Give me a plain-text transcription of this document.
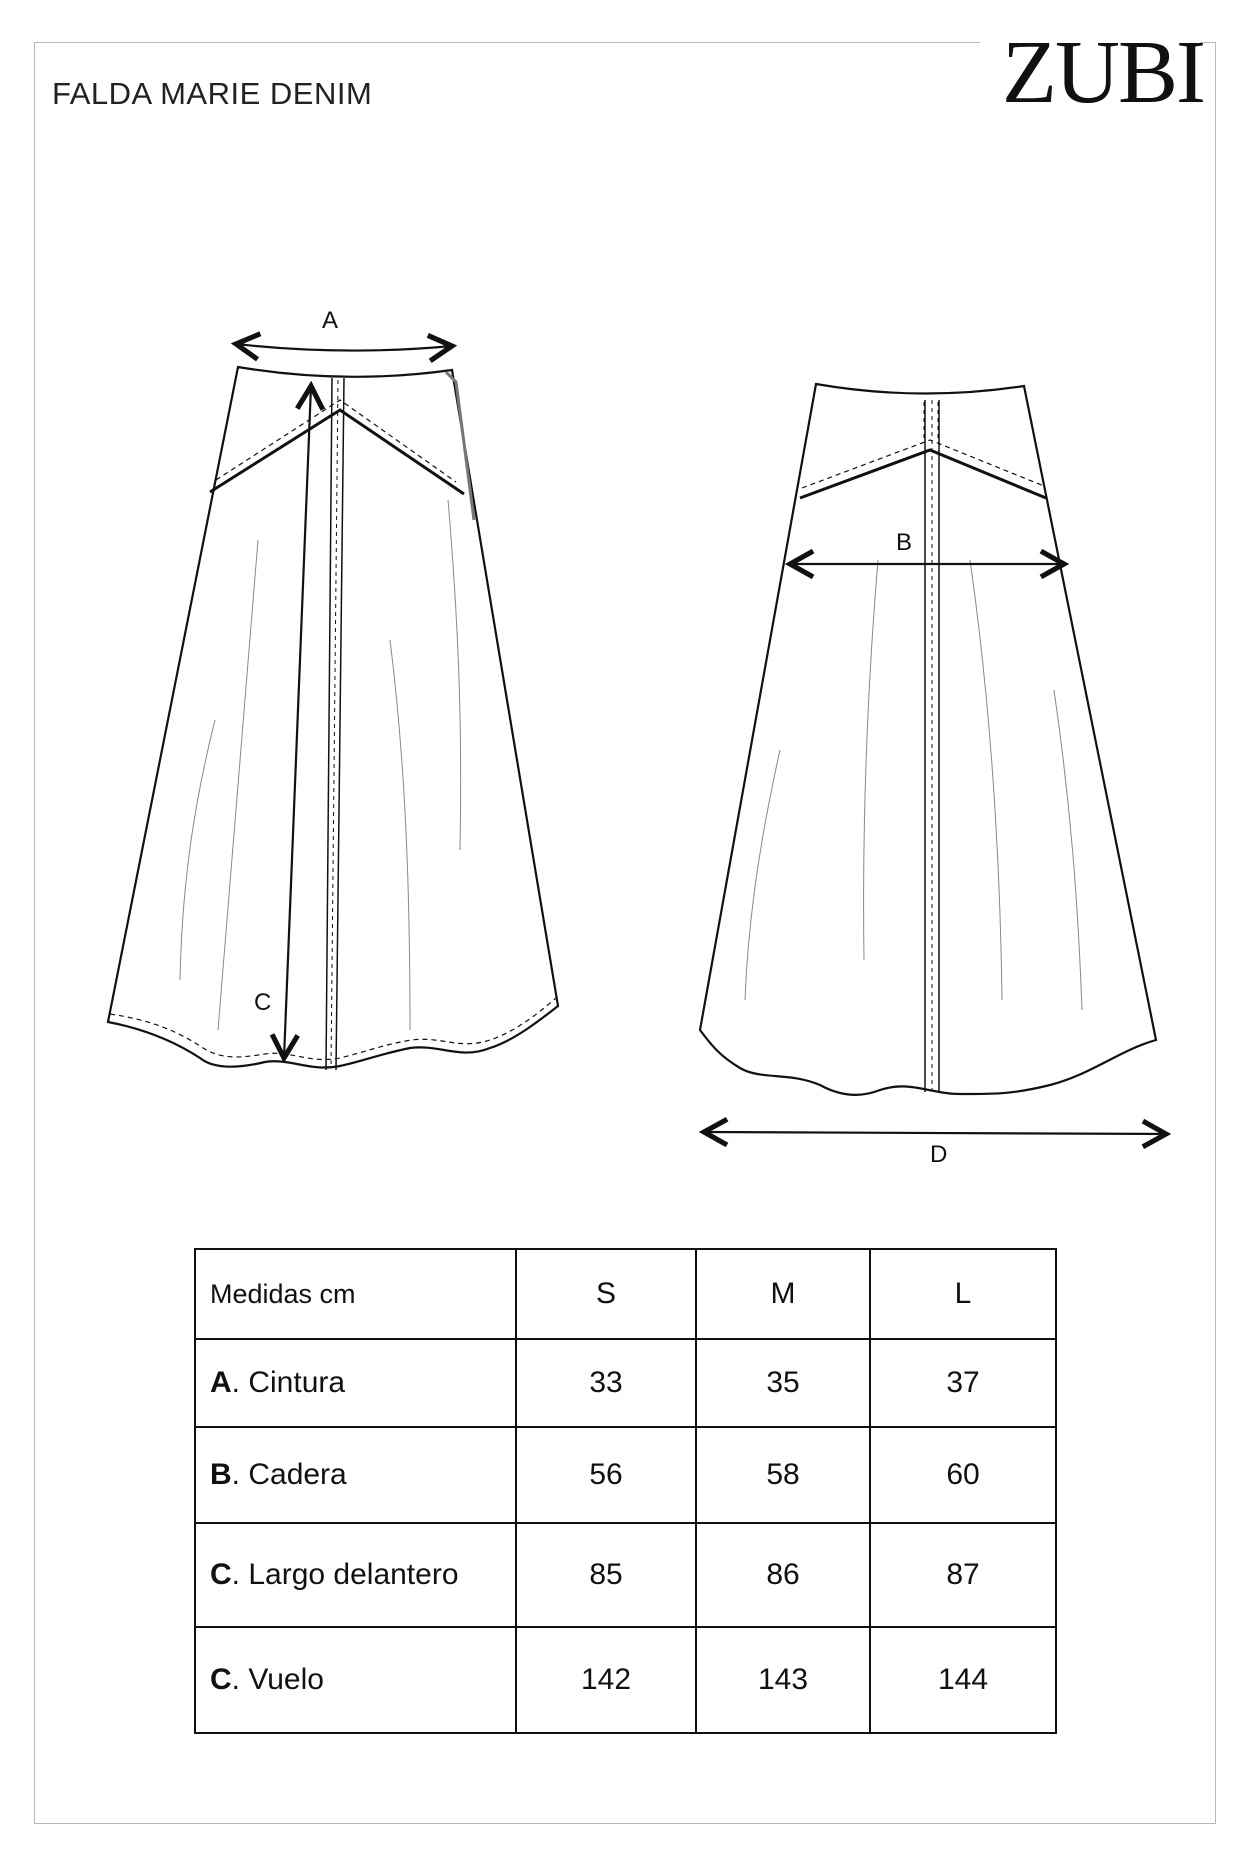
FALDA MARIE DENIM	ZUBI
A
C
B
D
Medidas cm	S	M	L
A. Cintura	33	35	37
B. Cadera	56	58	60
C. Largo delantero	85	86	87
C. Vuelo	142	143	144
